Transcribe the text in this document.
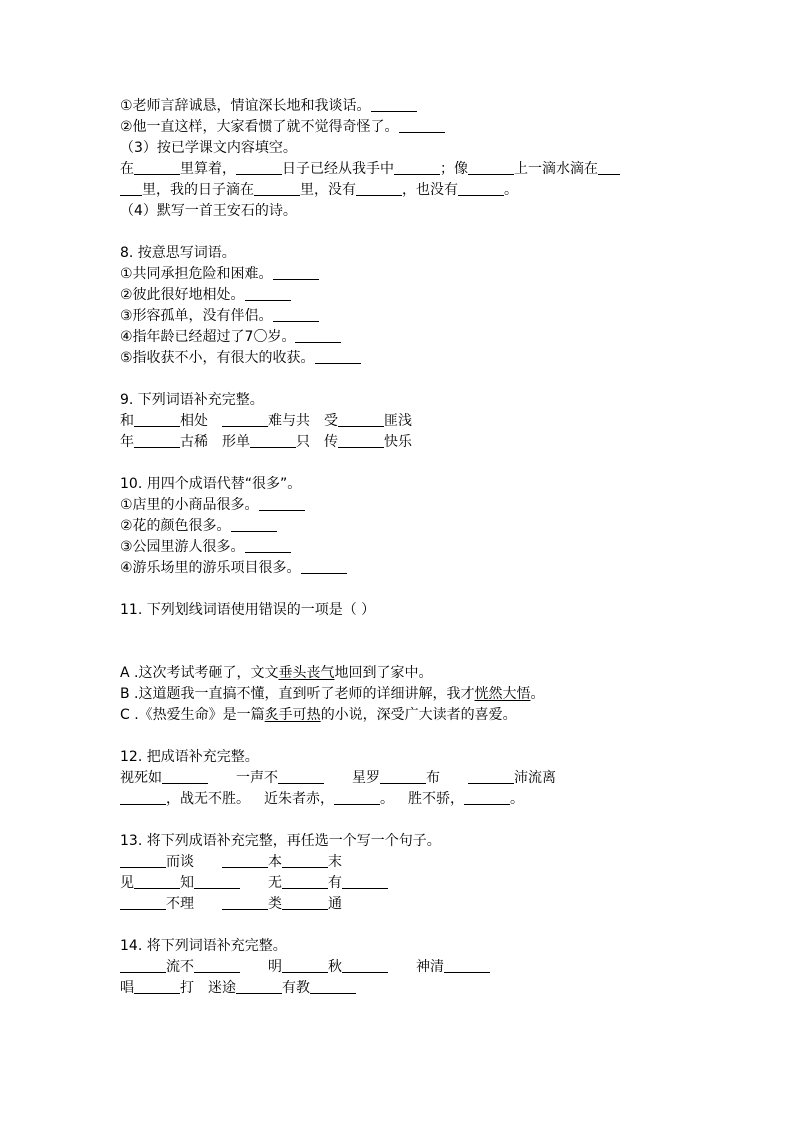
①老师言辞诚恳，情谊深长地和我谈话。
②他一直这样，大家看惯了就不觉得奇怪了。
（3）按已学课文内容填空。
在	里算着，	日子已经从我手中	；像	上一滴水滴在
里，我的日子滴在	里，没有	，也没有	。
（4）默写一首王安石的诗。
8. 按意思写词语。
①共同承担危险和困难。
②彼此很好地相处。
③形容孤单，没有伴侣。
④指年龄已经超过了7〇岁。
⑤指收获不小，有很大的收获。
9. 下列词语补充完整。
和	相处	难与共 受	匪浅
年	古稀 形单	只 传	快乐
10. 用四个成语代替“很多”。
①店里的小商品很多。
②花的颜色很多。
③公园里游人很多。
④游乐场里的游乐项目很多。
11. 下列划线词语使用错误的一项是（ ）
A .这次考试考砸了，文文垂头丧气地回到了家中。
B .这道题我一直搞不懂，直到听了老师的详细讲解，我才恍然大悟。
C .《热爱生命》是一篇炙手可热的小说，深受广大读者的喜爱。
12. 把成语补充完整。
视死如	一声不	星罗	布	沛流离
，战无不胜。 近朱者赤，	。 胜不骄，	。
13. 将下列成语补充完整，再任选一个写一个句子。
而谈	本	末
见	知	无	有
不理	类	通
14. 将下列词语补充完整。
流不	明	秋	神清
唱	打 迷途	有教
